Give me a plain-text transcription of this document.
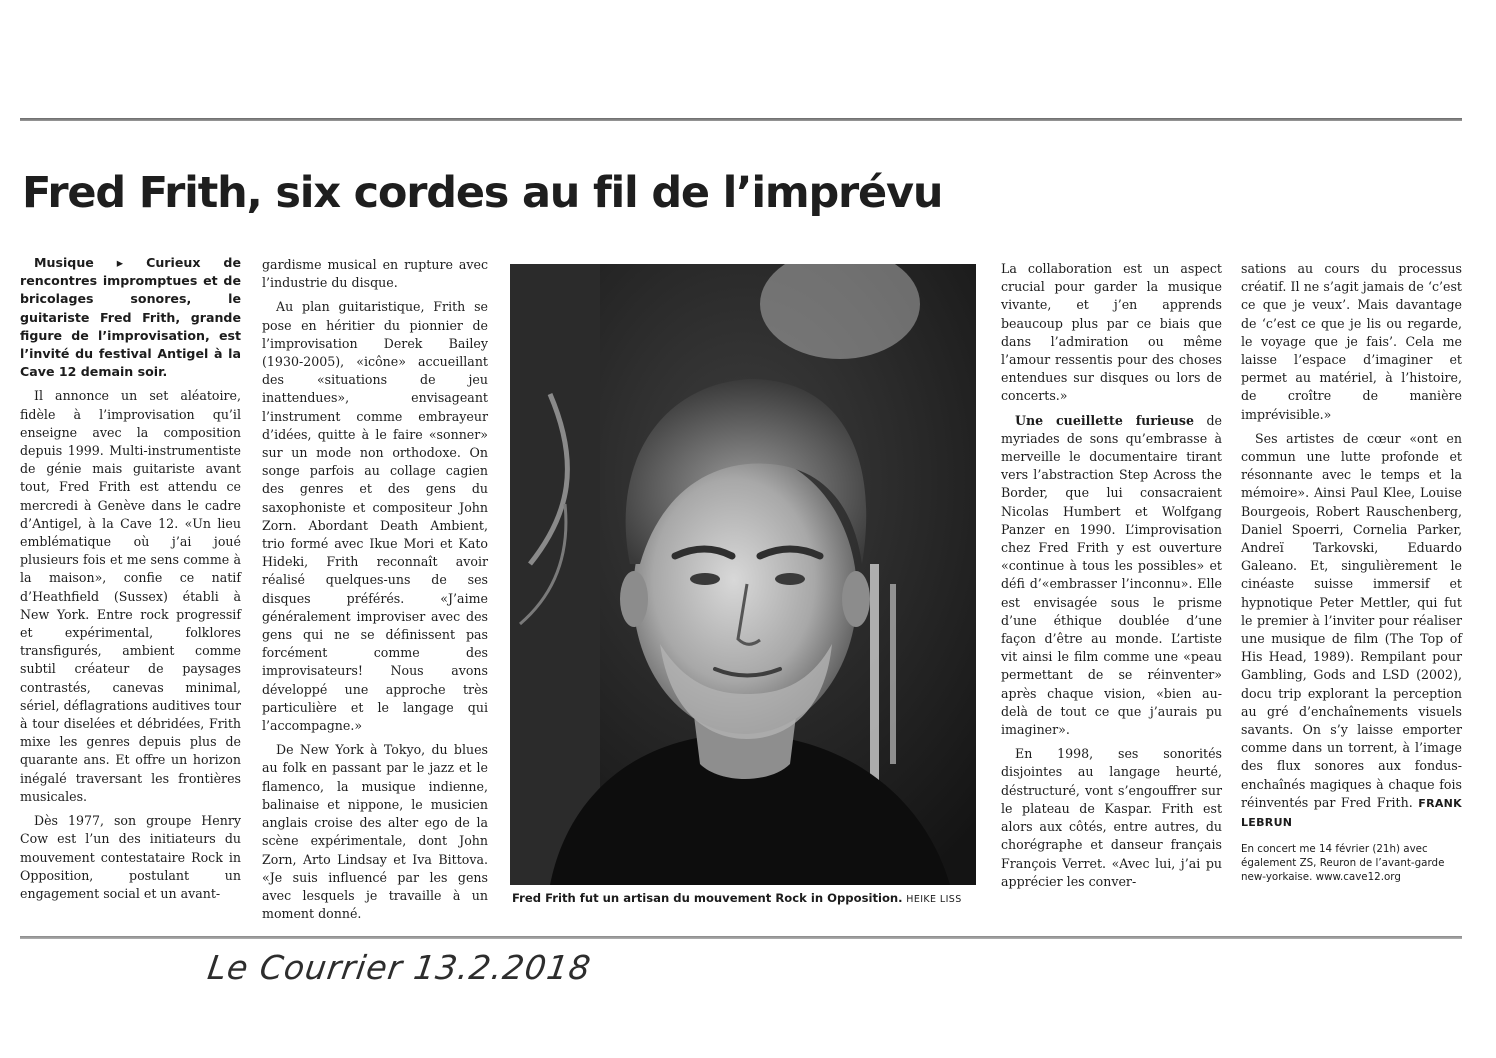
Fred Frith, six cordes au fil de l’imprévu

Musique ▸ Curieux de rencontres impromptues et de bricolages sonores, le guitariste Fred Frith, grande figure de l’improvisation, est l’invité du festival Antigel à la Cave 12 demain soir.

Il annonce un set aléatoire, fidèle à l’improvisation qu’il enseigne avec la composition depuis 1999. Multi-instrumentiste de génie mais guitariste avant tout, Fred Frith est attendu ce mercredi à Genève dans le cadre d’Antigel, à la Cave 12. «Un lieu emblématique où j’ai joué plusieurs fois et me sens comme à la maison», confie ce natif d’Heathfield (Sussex) établi à New York. Entre rock progressif et expérimental, folklores transfigurés, ambient comme subtil créateur de paysages contrastés, canevas minimal, sériel, déflagrations auditives tour à tour diselées et débridées, Frith mixe les genres depuis plus de quarante ans. Et offre un horizon inégalé traversant les frontières musicales.

Dès 1977, son groupe Henry Cow est l’un des initiateurs du mouvement contestataire Rock in Opposition, postulant un engagement social et un avant-

gardisme musical en rupture avec l’industrie du disque.

Au plan guitaristique, Frith se pose en héritier du pionnier de l’improvisation Derek Bailey (1930-2005), «icône» accueillant des «situations de jeu inattendues», envisageant l’instrument comme embrayeur d’idées, quitte à le faire «sonner» sur un mode non orthodoxe. On songe parfois au collage cagien des genres et des gens du saxophoniste et compositeur John Zorn. Abordant Death Ambient, trio formé avec Ikue Mori et Kato Hideki, Frith reconnaît avoir réalisé quelques-uns de ses disques préférés. «J’aime généralement improviser avec des gens qui ne se définissent pas forcément comme des improvisateurs! Nous avons développé une approche très particulière et le langage qui l’accompagne.»

De New York à Tokyo, du blues au folk en passant par le jazz et le flamenco, la musique indienne, balinaise et nippone, le musicien anglais croise des alter ego de la scène expérimentale, dont John Zorn, Arto Lindsay et Iva Bittova. «Je suis influencé par les gens avec lesquels je travaille à un moment donné.

Fred Frith fut un artisan du mouvement Rock in Opposition. HEIKE LISS

La collaboration est un aspect crucial pour garder la musique vivante, et j’en apprends beaucoup plus par ce biais que dans l’admiration ou même l’amour ressentis pour des choses entendues sur disques ou lors de concerts.»

Une cueillette furieuse de myriades de sons qu’embrasse à merveille le documentaire tirant vers l’abstraction Step Across the Border, que lui consacraient Nicolas Humbert et Wolfgang Panzer en 1990. L’improvisation chez Fred Frith y est ouverture «continue à tous les possibles» et défi d’«embrasser l’inconnu». Elle est envisagée sous le prisme d’une éthique doublée d’une façon d’être au monde. L’artiste vit ainsi le film comme une «peau permettant de se réinventer» après chaque vision, «bien au-delà de tout ce que j’aurais pu imaginer».

En 1998, ses sonorités disjointes au langage heurté, déstructuré, vont s’engouffrer sur le plateau de Kaspar. Frith est alors aux côtés, entre autres, du chorégraphe et danseur français François Verret. «Avec lui, j’ai pu apprécier les conver-

sations au cours du processus créatif. Il ne s’agit jamais de ‘c’est ce que je veux’. Mais davantage de ‘c’est ce que je lis ou regarde, le voyage que je fais’. Cela me laisse l’espace d’imaginer et permet au matériel, à l’histoire, de croître de manière imprévisible.»

Ses artistes de cœur «ont en commun une lutte profonde et résonnante avec le temps et la mémoire». Ainsi Paul Klee, Louise Bourgeois, Robert Rauschenberg, Daniel Spoerri, Cornelia Parker, Andreï Tarkovski, Eduardo Galeano. Et, singulièrement le cinéaste suisse immersif et hypnotique Peter Mettler, qui fut le premier à l’inviter pour réaliser une musique de film (The Top of His Head, 1989). Rempilant pour Gambling, Gods and LSD (2002), docu trip explorant la perception au gré d’enchaînements visuels savants. On s’y laisse emporter comme dans un torrent, à l’image des flux sonores aux fondus-enchaînés magiques à chaque fois réinventés par Fred Frith. FRANK LEBRUN

En concert me 14 février (21h) avec également ZS, Reuron de l’avant-garde new-yorkaise. www.cave12.org

Le Courrier 13.2.2018
